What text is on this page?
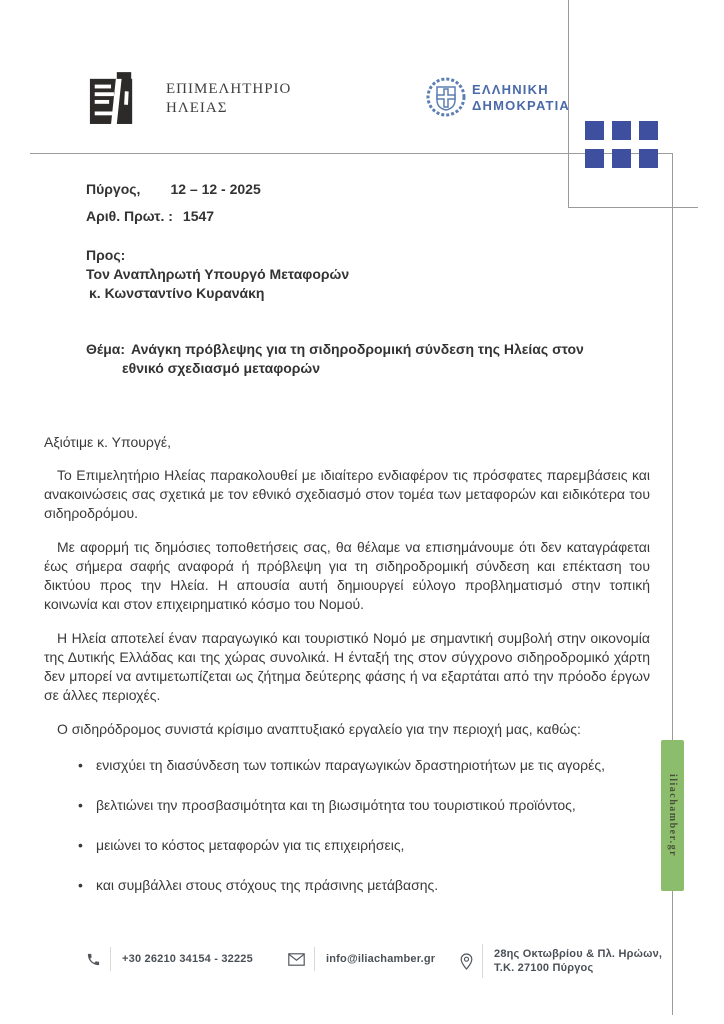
ΕΠΙΜΕΛΗΤΗΡΙΟ
ΗΛΕΙΑΣ
ΕΛΛΗΝΙΚΗ
ΔΗΜΟΚΡΑΤΙΑ
Πύργος, 12 – 12 - 2025
Αριθ. Πρωτ. : 1547
Προς:
Τον Αναπληρωτή Υπουργό Μεταφορών
κ. Κωνσταντίνο Κυρανάκη
Θέμα: Ανάγκη πρόβλεψης για τη σιδηροδρομική σύνδεση της Ηλείας στον
εθνικό σχεδιασμό μεταφορών
Αξιότιμε κ. Υπουργέ,

Το Επιμελητήριο Ηλείας παρακολουθεί με ιδιαίτερο ενδιαφέρον τις πρόσφατες παρεμβάσεις και ανακοινώσεις σας σχετικά με τον εθνικό σχεδιασμό στον τομέα των μεταφορών και ειδικότερα του σιδηροδρόμου.

Με αφορμή τις δημόσιες τοποθετήσεις σας, θα θέλαμε να επισημάνουμε ότι δεν καταγράφεται έως σήμερα σαφής αναφορά ή πρόβλεψη για τη σιδηροδρομική σύνδεση και επέκταση του δικτύου προς την Ηλεία. Η απουσία αυτή δημιουργεί εύλογο προβληματισμό στην τοπική κοινωνία και στον επιχειρηματικό κόσμο του Νομού.

Η Ηλεία αποτελεί έναν παραγωγικό και τουριστικό Νομό με σημαντική συμβολή στην οικονομία της Δυτικής Ελλάδας και της χώρας συνολικά. Η ένταξή της στον σύγχρονο σιδηροδρομικό χάρτη δεν μπορεί να αντιμετωπίζεται ως ζήτημα δεύτερης φάσης ή να εξαρτάται από την πρόοδο έργων σε άλλες περιοχές.

Ο σιδηρόδρομος συνιστά κρίσιμο αναπτυξιακό εργαλείο για την περιοχή μας, καθώς:

• ενισχύει τη διασύνδεση των τοπικών παραγωγικών δραστηριοτήτων με τις αγορές,
• βελτιώνει την προσβασιμότητα και τη βιωσιμότητα του τουριστικού προϊόντος,
• μειώνει το κόστος μεταφορών για τις επιχειρήσεις,
• και συμβάλλει στους στόχους της πράσινης μετάβασης.
iliachamber.gr
+30 26210 34154 - 32225	info@iliachamber.gr	28ης Οκτωβρίου & Πλ. Ηρώων,
Τ.Κ. 27100 Πύργος
